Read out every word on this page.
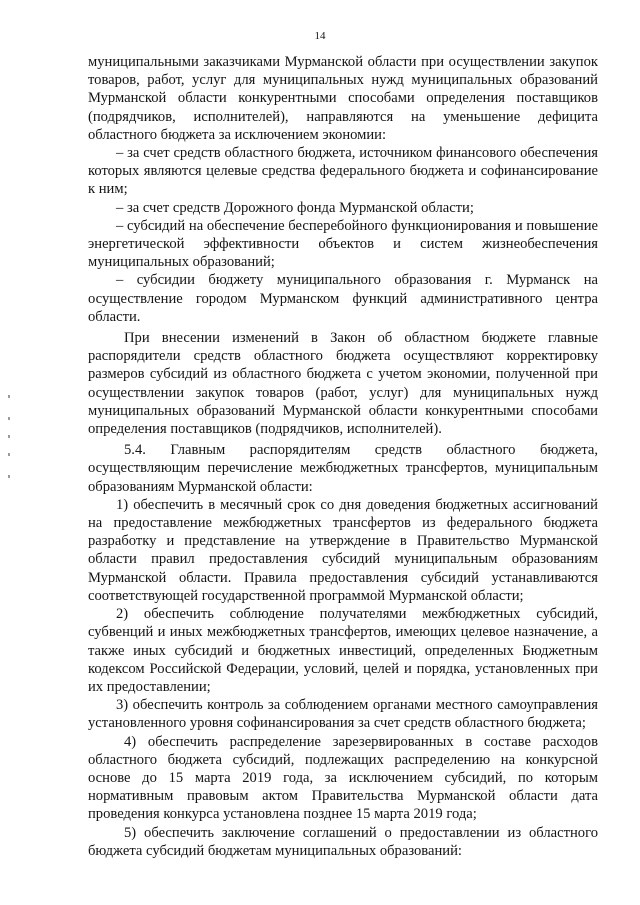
14

муниципальными заказчиками Мурманской области при осуществлении закупок товаров, работ, услуг для муниципальных нужд муниципальных образований Мурманской области конкурентными способами определения поставщиков (подрядчиков, исполнителей), направляются на уменьшение дефицита областного бюджета за исключением экономии:

– за счет средств областного бюджета, источником финансового обеспечения которых являются целевые средства федерального бюджета и софинансирование к ним;

– за счет средств Дорожного фонда Мурманской области;

– субсидий на обеспечение бесперебойного функционирования и повышение энергетической эффективности объектов и систем жизнеобеспечения муниципальных образований;

– субсидии бюджету муниципального образования г. Мурманск на осуществление городом Мурманском функций административного центра области.

При внесении изменений в Закон об областном бюджете главные распорядители средств областного бюджета осуществляют корректировку размеров субсидий из областного бюджета с учетом экономии, полученной при осуществлении закупок товаров (работ, услуг) для муниципальных нужд муниципальных образований Мурманской области конкурентными способами определения поставщиков (подрядчиков, исполнителей).

5.4. Главным распорядителям средств областного бюджета, осуществляющим перечисление межбюджетных трансфертов, муниципальным образованиям Мурманской области:

1) обеспечить в месячный срок со дня доведения бюджетных ассигнований на предоставление межбюджетных трансфертов из федерального бюджета разработку и представление на утверждение в Правительство Мурманской области правил предоставления субсидий муниципальным образованиям Мурманской области. Правила предоставления субсидий устанавливаются соответствующей государственной программой Мурманской области;

2) обеспечить соблюдение получателями межбюджетных субсидий, субвенций и иных межбюджетных трансфертов, имеющих целевое назначение, а также иных субсидий и бюджетных инвестиций, определенных Бюджетным кодексом Российской Федерации, условий, целей и порядка, установленных при их предоставлении;

3) обеспечить контроль за соблюдением органами местного самоуправления установленного уровня софинансирования за счет средств областного бюджета;

4) обеспечить распределение зарезервированных в составе расходов областного бюджета субсидий, подлежащих распределению на конкурсной основе до 15 марта 2019 года, за исключением субсидий, по которым нормативным правовым актом Правительства Мурманской области дата проведения конкурса установлена позднее 15 марта 2019 года;

5) обеспечить заключение соглашений о предоставлении из областного бюджета субсидий бюджетам муниципальных образований:
